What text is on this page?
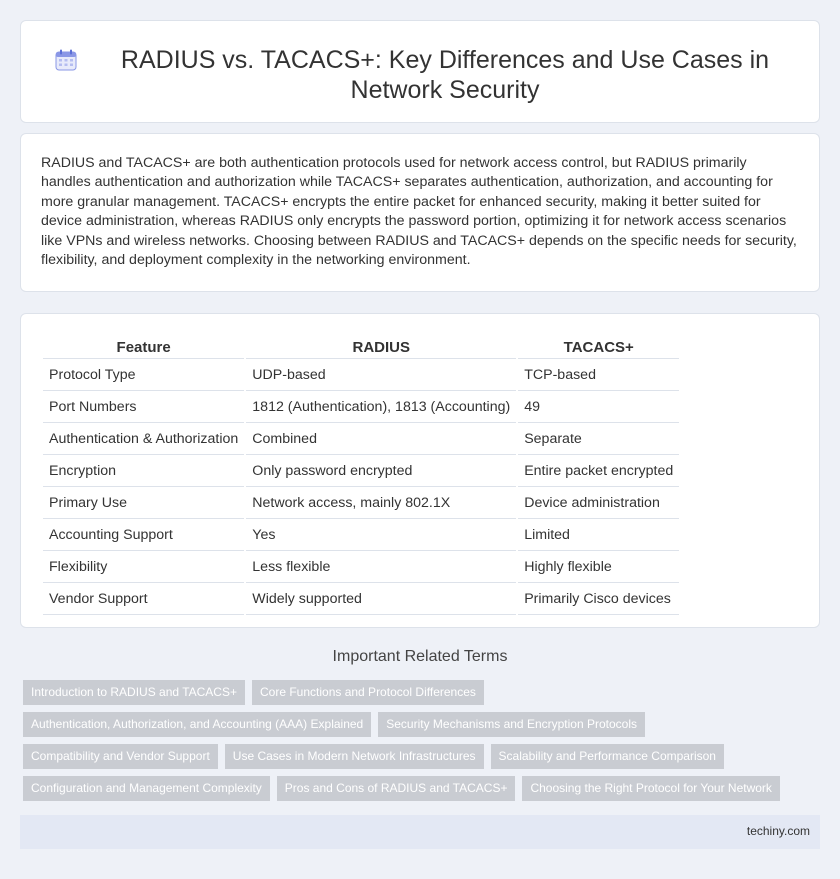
RADIUS vs. TACACS+: Key Differences and Use Cases in Network Security

RADIUS and TACACS+ are both authentication protocols used for network access control, but RADIUS primarily handles authentication and authorization while TACACS+ separates authentication, authorization, and accounting for more granular management. TACACS+ encrypts the entire packet for enhanced security, making it better suited for device administration, whereas RADIUS only encrypts the password portion, optimizing it for network access scenarios like VPNs and wireless networks. Choosing between RADIUS and TACACS+ depends on the specific needs for security, flexibility, and deployment complexity in the networking environment.

Feature	RADIUS	TACACS+
Protocol Type	UDP-based	TCP-based
Port Numbers	1812 (Authentication), 1813 (Accounting)	49
Authentication & Authorization	Combined	Separate
Encryption	Only password encrypted	Entire packet encrypted
Primary Use	Network access, mainly 802.1X	Device administration
Accounting Support	Yes	Limited
Flexibility	Less flexible	Highly flexible
Vendor Support	Widely supported	Primarily Cisco devices
Important Related Terms
Introduction to RADIUS and TACACS+	Core Functions and Protocol Differences
Authentication, Authorization, and Accounting (AAA) Explained	Security Mechanisms and Encryption Protocols
Compatibility and Vendor Support	Use Cases in Modern Network Infrastructures	Scalability and Performance Comparison
Configuration and Management Complexity	Pros and Cons of RADIUS and TACACS+	Choosing the Right Protocol for Your Network
techiny.com
